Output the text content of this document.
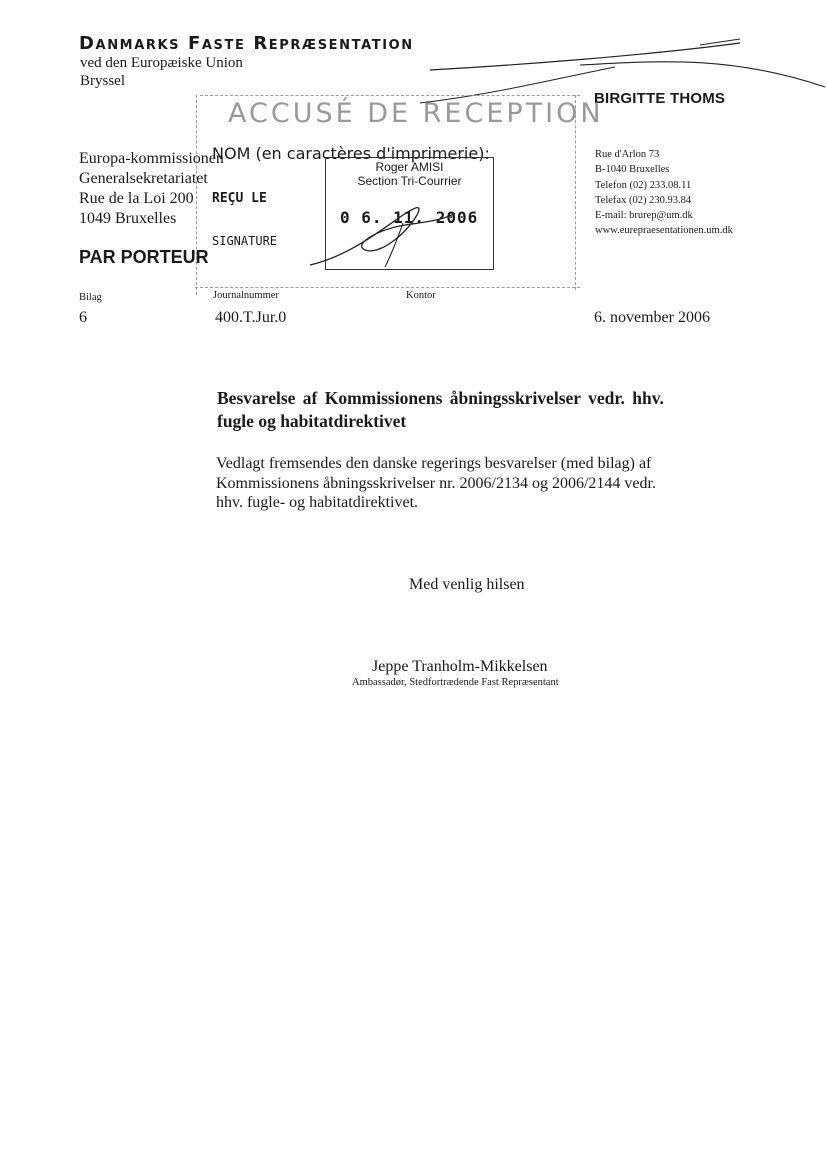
Danmarks Faste Repræsentation
ved den Europæiske Union
Bryssel
BIRGITTE THOMS
Rue d'Arlon 73
B-1040 Bruxelles
Telefon (02) 233.08.11
Telefax (02) 230.93.84
E-mail: brurep@um.dk
www.eurepraesentationen.um.dk
ACCUSÉ DE RECEPTION
NOM (en caractères d'imprimerie):
Roger AMISI
Section Tri-Courrier
REÇU LE
0 6. 11. 2006
SIGNATURE
Europa-kommissionen
Generalsekretariatet
Rue de la Loi 200
1049 Bruxelles
PAR PORTEUR
Bilag
6
Journalnummer
400.T.Jur.0
Kontor
6. november 2006
Besvarelse af Kommissionens åbningsskrivelser vedr. hhv.
fugle og habitatdirektivet
Vedlagt fremsendes den danske regerings besvarelser (med bilag) af
Kommissionens åbningsskrivelser nr. 2006/2134 og 2006/2144 vedr.
hhv. fugle- og habitatdirektivet.
Med venlig hilsen
Jeppe Tranholm-Mikkelsen
Ambassadør, Stedfortrædende Fast Repræsentant
